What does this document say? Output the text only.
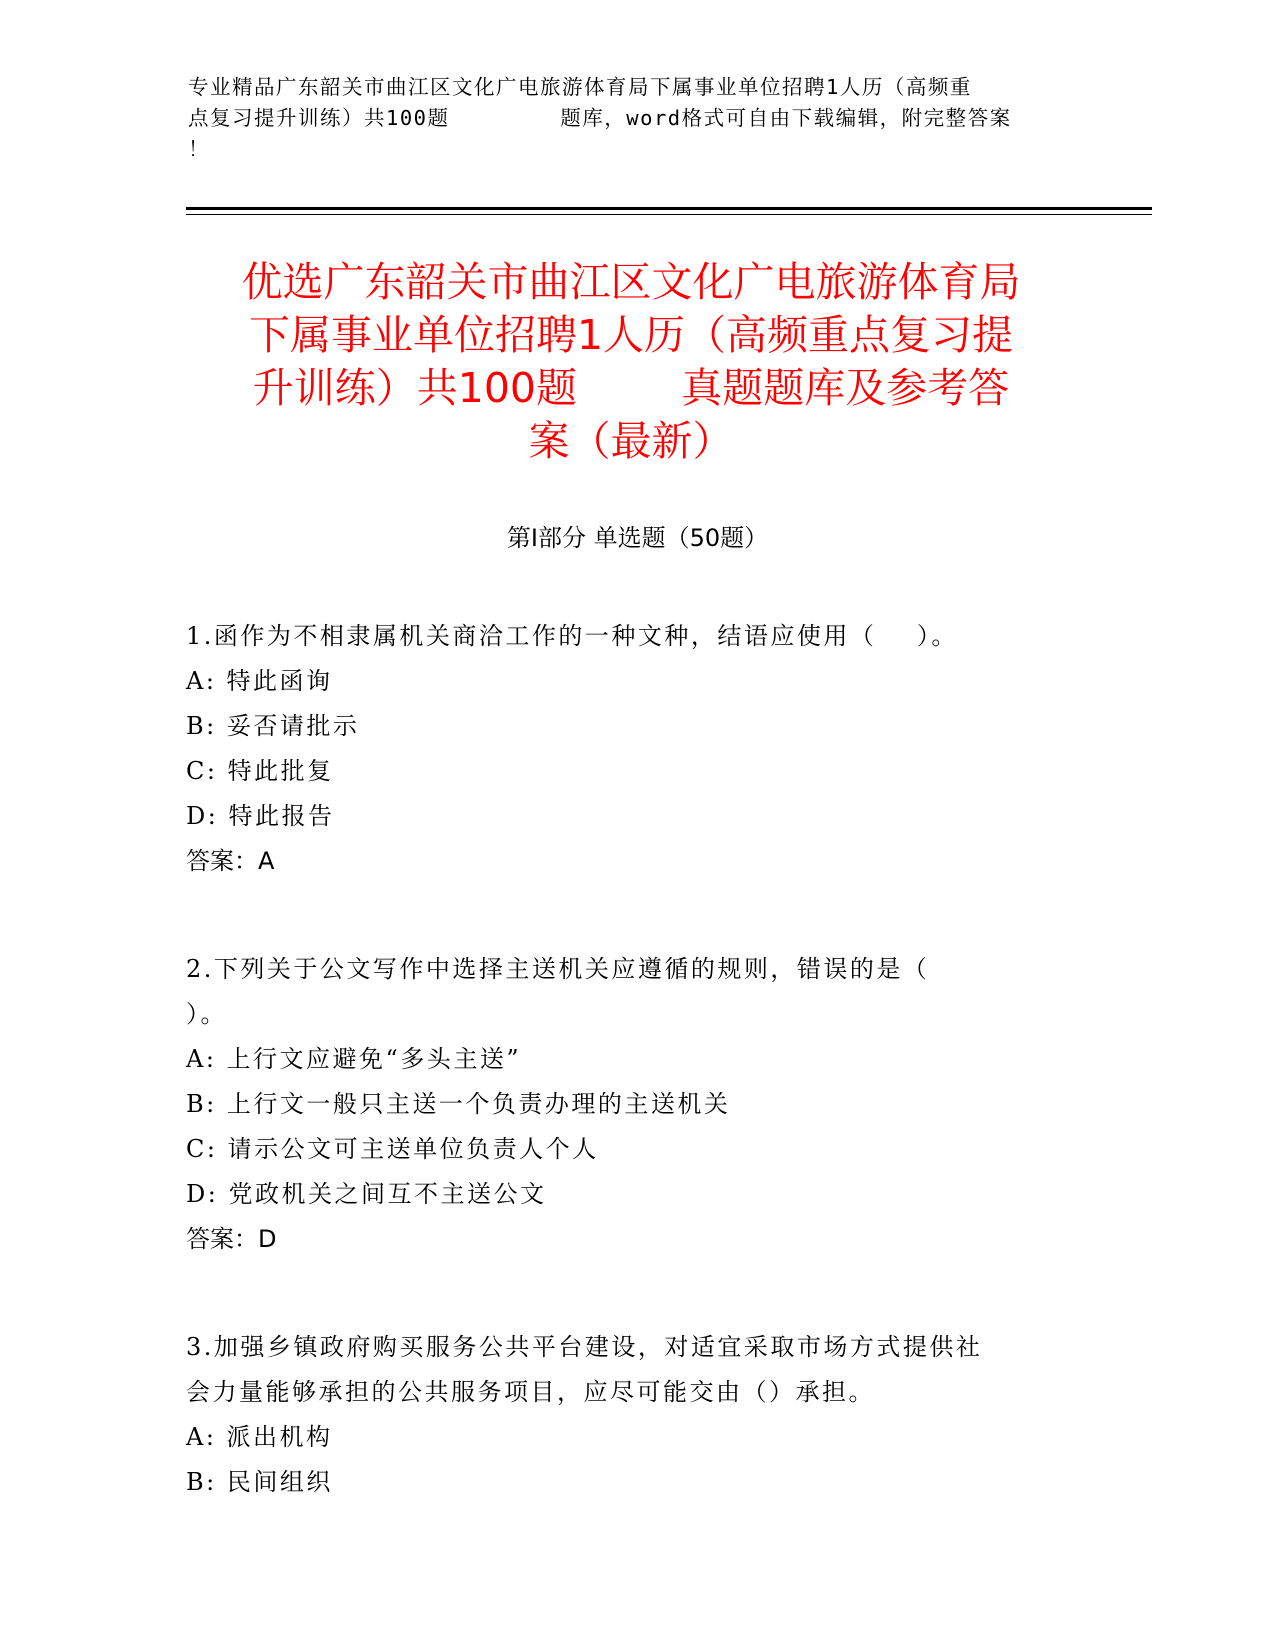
专业精品广东韶关市曲江区文化广电旅游体育局下属事业单位招聘1人历（高频重
点复习提升训练）共100题        题库，word格式可自由下载编辑，附完整答案
！
优选广东韶关市曲江区文化广电旅游体育局
下属事业单位招聘1人历（高频重点复习提
升训练）共100题        真题题库及参考答
案（最新）
第Ⅰ部分 单选题（50题）

1.函作为不相隶属机关商洽工作的一种文种，结语应使用（    ）。

A: 特此函询

B: 妥否请批示

C: 特此批复

D: 特此报告

答案：A

2.下列关于公文写作中选择主送机关应遵循的规则，错误的是（

）。

A: 上行文应避免“多头主送”

B: 上行文一般只主送一个负责办理的主送机关

C: 请示公文可主送单位负责人个人

D: 党政机关之间互不主送公文

答案：D

3.加强乡镇政府购买服务公共平台建设，对适宜采取市场方式提供社

会力量能够承担的公共服务项目，应尽可能交由（）承担。

A: 派出机构

B: 民间组织
